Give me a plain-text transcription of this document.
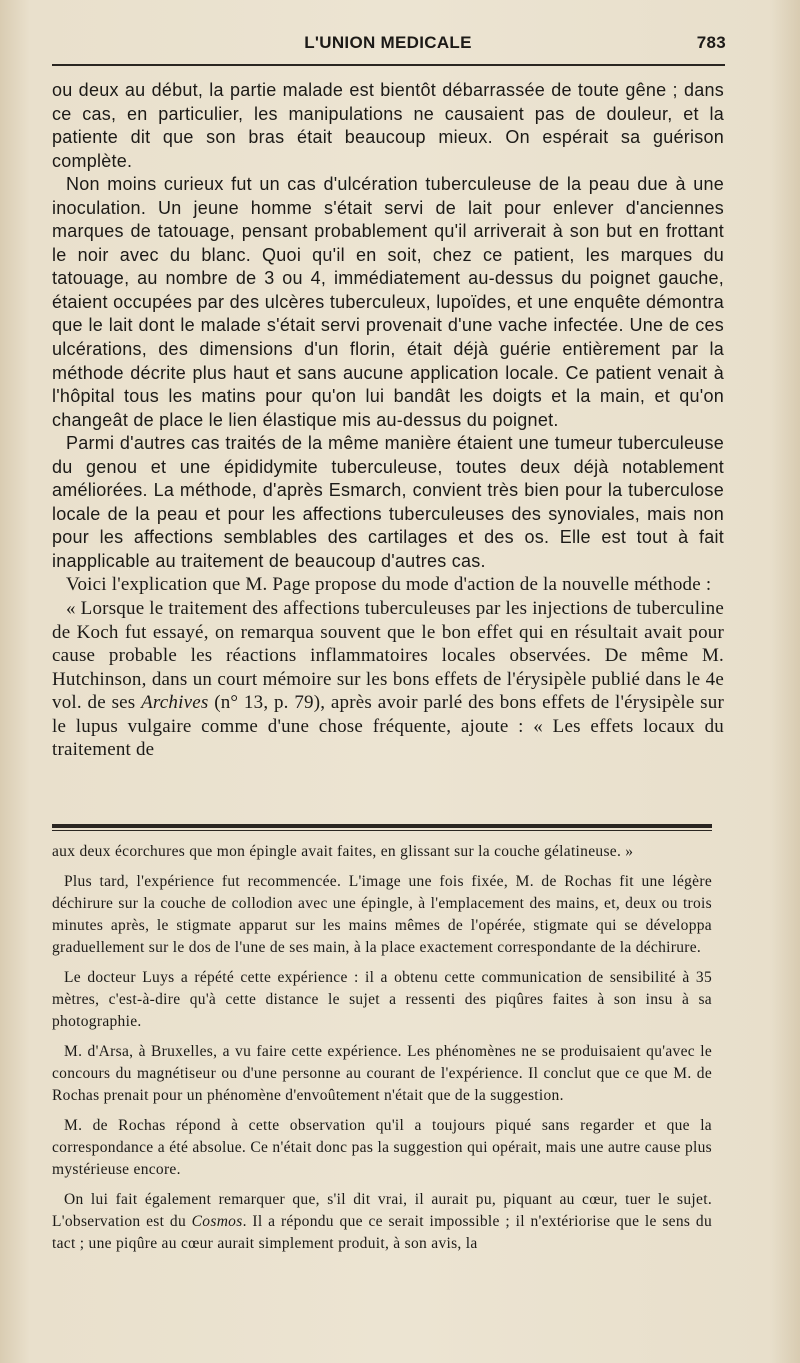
L'UNION MEDICALE	783

ou deux au début, la partie malade est bientôt débarrassée de toute gêne ; dans ce cas, en particulier, les manipulations ne causaient pas de douleur, et la patiente dit que son bras était beaucoup mieux. On espérait sa guérison complète.

Non moins curieux fut un cas d'ulcération tuberculeuse de la peau due à une inoculation. Un jeune homme s'était servi de lait pour enlever d'anciennes marques de tatouage, pensant probablement qu'il arriverait à son but en frottant le noir avec du blanc. Quoi qu'il en soit, chez ce patient, les marques du tatouage, au nombre de 3 ou 4, immédiatement au-dessus du poignet gauche, étaient occupées par des ulcères tuberculeux, lupoïdes, et une enquête démontra que le lait dont le malade s'était servi provenait d'une vache infectée. Une de ces ulcérations, des dimensions d'un florin, était déjà guérie entièrement par la méthode décrite plus haut et sans aucune application locale. Ce patient venait à l'hôpital tous les matins pour qu'on lui bandât les doigts et la main, et qu'on changeât de place le lien élastique mis au-dessus du poignet.

Parmi d'autres cas traités de la même manière étaient une tumeur tuberculeuse du genou et une épididymite tuberculeuse, toutes deux déjà notablement améliorées. La méthode, d'après Esmarch, convient très bien pour la tuberculose locale de la peau et pour les affections tuberculeuses des synoviales, mais non pour les affections semblables des cartilages et des os. Elle est tout à fait inapplicable au traitement de beaucoup d'autres cas.

Voici l'explication que M. Page propose du mode d'action de la nouvelle méthode :

« Lorsque le traitement des affections tuberculeuses par les injections de tuberculine de Koch fut essayé, on remarqua souvent que le bon effet qui en résultait avait pour cause probable les réactions inflammatoires locales observées. De même M. Hutchinson, dans un court mémoire sur les bons effets de l'érysipèle publié dans le 4e vol. de ses Archives (n° 13, p. 79), après avoir parlé des bons effets de l'érysipèle sur le lupus vulgaire comme d'une chose fréquente, ajoute : « Les effets locaux du traitement de

aux deux écorchures que mon épingle avait faites, en glissant sur la couche gélatineuse. »

Plus tard, l'expérience fut recommencée. L'image une fois fixée, M. de Rochas fit une légère déchirure sur la couche de collodion avec une épingle, à l'emplacement des mains, et, deux ou trois minutes après, le stigmate apparut sur les mains mêmes de l'opérée, stigmate qui se développa graduellement sur le dos de l'une de ses main, à la place exactement correspondante de la déchirure.

Le docteur Luys a répété cette expérience : il a obtenu cette communication de sensibilité à 35 mètres, c'est-à-dire qu'à cette distance le sujet a ressenti des piqûres faites à son insu à sa photographie.

M. d'Arsa, à Bruxelles, a vu faire cette expérience. Les phénomènes ne se produisaient qu'avec le concours du magnétiseur ou d'une personne au courant de l'expérience. Il conclut que ce que M. de Rochas prenait pour un phénomène d'envoûtement n'était que de la suggestion.

M. de Rochas répond à cette observation qu'il a toujours piqué sans regarder et que la correspondance a été absolue. Ce n'était donc pas la suggestion qui opérait, mais une autre cause plus mystérieuse encore.

On lui fait également remarquer que, s'il dit vrai, il aurait pu, piquant au cœur, tuer le sujet. L'observation est du Cosmos. Il a répondu que ce serait impossible ; il n'extériorise que le sens du tact ; une piqûre au cœur aurait simplement produit, à son avis, la
